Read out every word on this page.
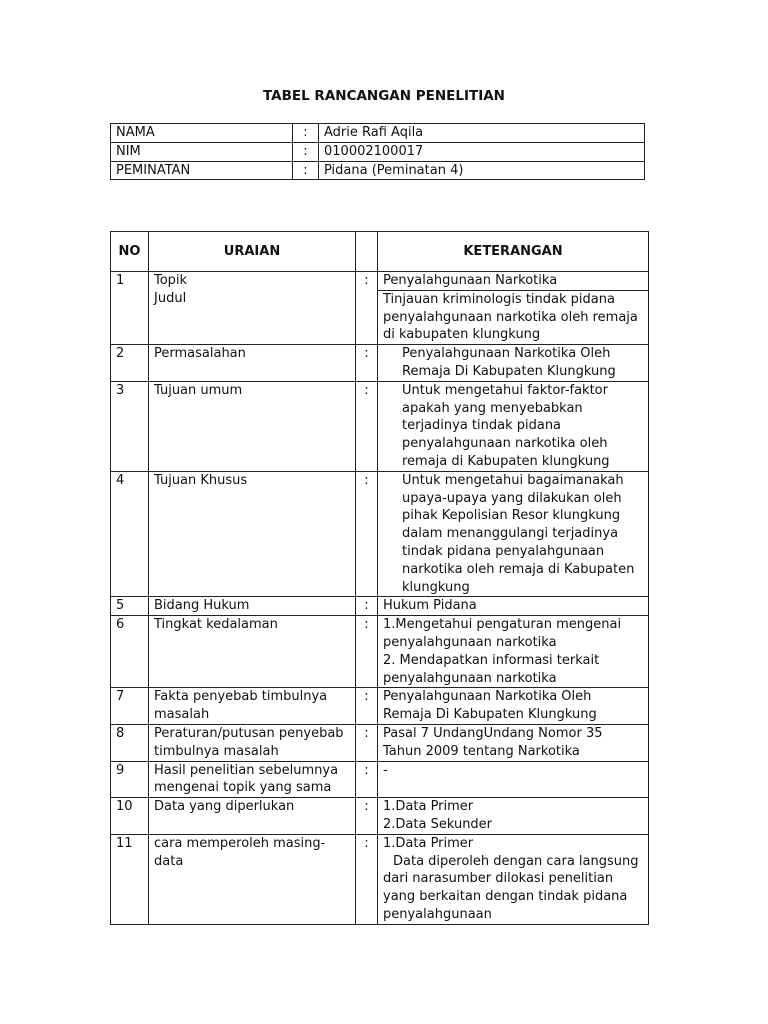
TABEL RANCANGAN PENELITIAN
NAMA	:	Adrie Rafi Aqila
NIM	:	010002100017
PEMINATAN	:	Pidana (Peminatan 4)
NO	URAIAN		KETERANGAN
1	Topik	:	Penyalahgunaan Narkotika
	Judul		Tinjauan kriminologis tindak pidana penyalahgunaan narkotika oleh remaja di kabupaten klungkung
2	Permasalahan	:	Penyalahgunaan Narkotika Oleh Remaja Di Kabupaten Klungkung
3	Tujuan umum	:	Untuk mengetahui faktor-faktor apakah yang menyebabkan terjadinya tindak pidana penyalahgunaan narkotika oleh remaja di Kabupaten klungkung
4	Tujuan Khusus	:	Untuk mengetahui bagaimanakah upaya-upaya yang dilakukan oleh pihak Kepolisian Resor klungkung dalam menanggulangi terjadinya tindak pidana penyalahgunaan narkotika oleh remaja di Kabupaten klungkung
5	Bidang Hukum	:	Hukum Pidana
6	Tingkat kedalaman	:	1.Mengetahui pengaturan mengenai penyalahgunaan narkotika
2. Mendapatkan informasi terkait penyalahgunaan narkotika

7	Fakta penyebab timbulnya masalah	:	Penyalahgunaan Narkotika Oleh Remaja Di Kabupaten Klungkung
8	Peraturan/putusan penyebab timbulnya masalah	:	Pasal 7 UndangUndang Nomor 35 Tahun 2009 tentang Narkotika
9	Hasil penelitian sebelumnya mengenai topik yang sama	:	-
10	Data yang diperlukan	:	1.Data Primer
2.Data Sekunder

11	cara memperoleh masing-data	:	1.Data Primer
Data diperoleh dengan cara langsung dari narasumber dilokasi penelitian yang berkaitan dengan tindak pidana penyalahgunaan
